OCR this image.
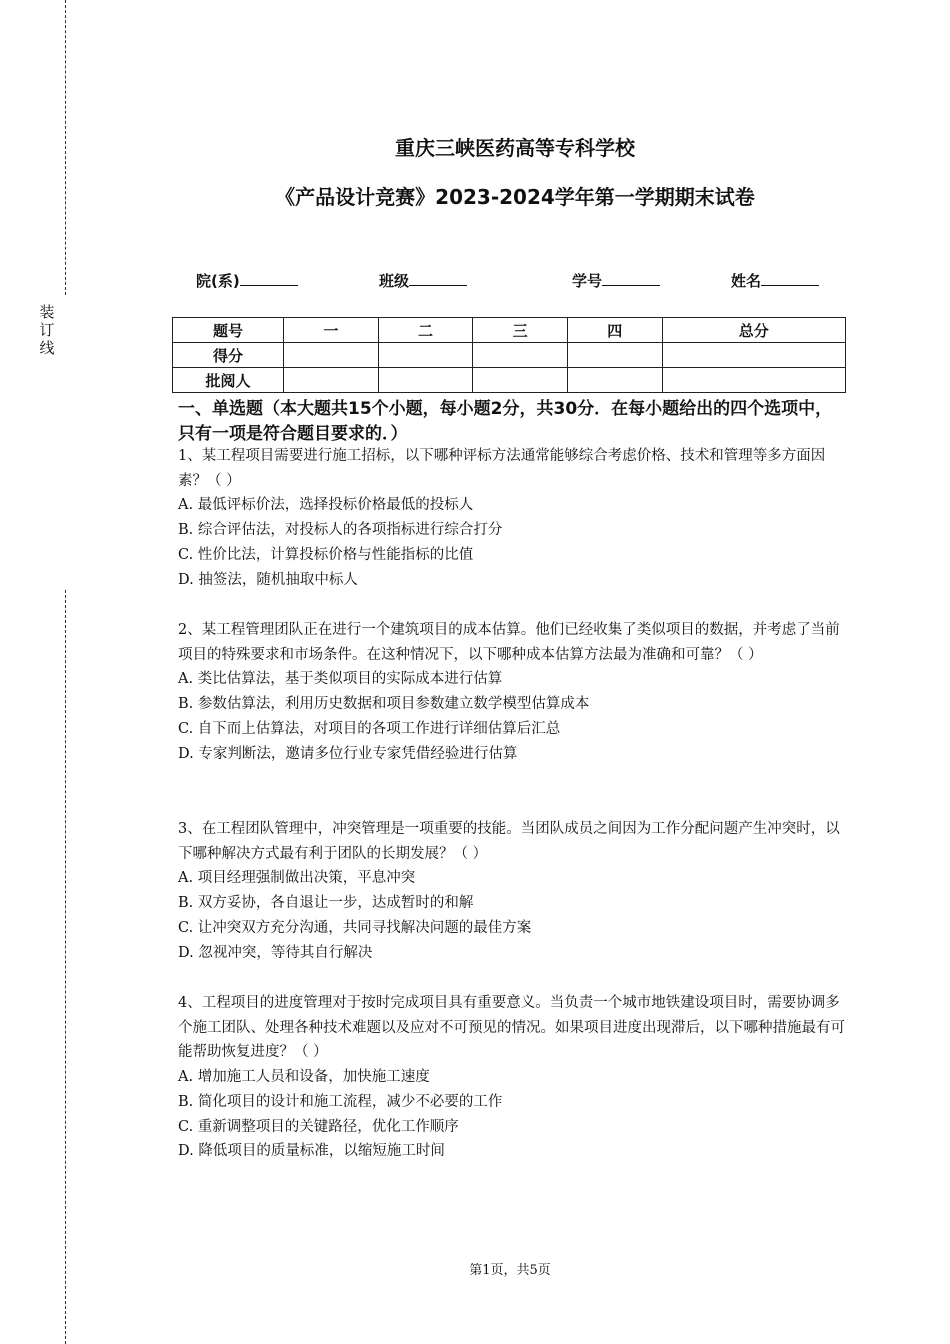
装
订
线
重庆三峡医药高等专科学校
《产品设计竞赛》2023-2024学年第一学期期末试卷
院(系)	班级	学号	姓名
题号	一	二	三	四	总分
得分					
批阅人					
一、单选题（本大题共15个小题，每小题2分，共30分．在每小题给出的四个选项中，只有一项是符合题目要求的．）

1、某工程项目需要进行施工招标，以下哪种评标方法通常能够综合考虑价格、技术和管理等多方面因素？（ ）

A. 最低评标价法，选择投标价格最低的投标人
B. 综合评估法，对投标人的各项指标进行综合打分
C. 性价比法，计算投标价格与性能指标的比值
D. 抽签法，随机抽取中标人

2、某工程管理团队正在进行一个建筑项目的成本估算。他们已经收集了类似项目的数据，并考虑了当前项目的特殊要求和市场条件。在这种情况下，以下哪种成本估算方法最为准确和可靠？（ ）

A. 类比估算法，基于类似项目的实际成本进行估算
B. 参数估算法，利用历史数据和项目参数建立数学模型估算成本
C. 自下而上估算法，对项目的各项工作进行详细估算后汇总
D. 专家判断法，邀请多位行业专家凭借经验进行估算

3、在工程团队管理中，冲突管理是一项重要的技能。当团队成员之间因为工作分配问题产生冲突时，以下哪种解决方式最有利于团队的长期发展？（ ）

A. 项目经理强制做出决策，平息冲突
B. 双方妥协，各自退让一步，达成暂时的和解
C. 让冲突双方充分沟通，共同寻找解决问题的最佳方案
D. 忽视冲突，等待其自行解决

4、工程项目的进度管理对于按时完成项目具有重要意义。当负责一个城市地铁建设项目时，需要协调多个施工团队、处理各种技术难题以及应对不可预见的情况。如果项目进度出现滞后，以下哪种措施最有可能帮助恢复进度？（ ）

A. 增加施工人员和设备，加快施工速度
B. 简化项目的设计和施工流程，减少不必要的工作
C. 重新调整项目的关键路径，优化工作顺序
D. 降低项目的质量标准，以缩短施工时间
第1页，共5页
